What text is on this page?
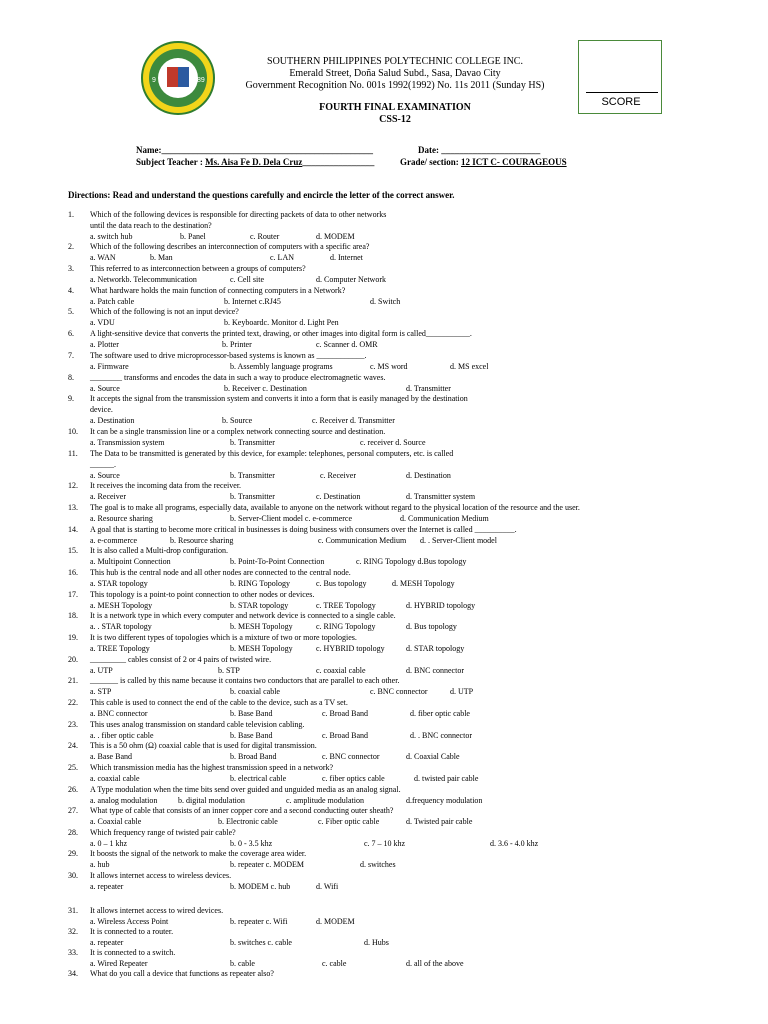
9	89
SOUTHERN PHILIPPINES POLYTECHNIC COLLEGE INC.
Emerald Street, Doña Salud Subd., Sasa, Davao City
Government Recognition No. 001s 1992(1992) No. 11s 2011 (Sunday HS)
FOURTH FINAL EXAMINATION
CSS-12
SCORE
Name:_______________________________________________	Date: ______________________
Subject Teacher : Ms. Aisa Fe D. Dela Cruz________________	Grade/ section: 12 ICT C- COURAGEOUS
Directions: Read and understand the questions carefully and encircle the letter of the correct answer.
1. Which of the following devices is responsible for directing packets of data to other networks
until the data reach to the destination?
a. switch hub	b. Panel	c. Router	d. MODEM
2. Which of the following describes an interconnection of computers with a specific area?
a. WAN	b. Man	c. LAN	d. Internet
3. This referred to as interconnection between a groups of computers?
a. Networkb. Telecommunication	c. Cell site	d. Computer Network
4. What hardware holds the main function of connecting computers in a Network?
a. Patch cable	b. Internet c.RJ45	d. Switch
5. Which of the following is not an input device?
a. VDU	b. Keyboardc. Monitor d. Light Pen
6. A light-sensitive device that converts the printed text, drawing, or other images into digital form is called___________.
a. Plotter	b. Printer	c. Scanner d. OMR
7. The software used to drive microprocessor-based systems is known as ____________.
a. Firmware	b. Assembly language programs	c. MS word	d. MS excel
8. ________ transforms and encodes the data in such a way to produce electromagnetic waves.
a. Source	b. Receiver c. Destination	d. Transmitter
9. It accepts the signal from the transmission system and converts it into a form that is easily managed by the destination
device.
a. Destination	b. Source	c. Receiver d. Transmitter
10. It can be a single transmission line or a complex network connecting source and destination.
a. Transmission system	b. Transmitter	c. receiver d. Source
11. The Data to be transmitted is generated by this device, for example: telephones, personal computers, etc. is called
______.
a. Source	b. Transmitter	c. Receiver	d. Destination
12. It receives the incoming data from the receiver.
a. Receiver	b. Transmitter	c. Destination	d. Transmitter system
13. The goal is to make all programs, especially data, available to anyone on the network without regard to the physical location of the resource and the user.
a. Resource sharing	b. Server-Client model c. e-commerce	d. Communication Medium
14. A goal that is starting to become more critical in businesses is doing business with consumers over the Internet is called __________.
a. e-commerce	b. Resource sharing	c. Communication Medium d. . Server-Client model
15. It is also called a Multi-drop configuration.
a. Multipoint Connection	b. Point-To-Point Connection	c. RING Topology d.Bus topology
16. This hub is the central node and all other nodes are connected to the central node.
a. STAR topology	b. RING Topology	c. Bus topology	d. MESH Topology
17. This topology is a point-to point connection to other nodes or devices.
a. MESH Topology	b. STAR topology	c. TREE Topology	d. HYBRID topology
18. It is a network type in which every computer and network device is connected to a single cable.
a. . STAR topology	b. MESH Topology	c. RING Topology	d. Bus topology
19. It is two different types of topologies which is a mixture of two or more topologies.
a. TREE Topology	b. MESH Topology	c. HYBRID topology	d. STAR topology
20. _________ cables consist of 2 or 4 pairs of twisted wire.
a. UTP	b. STP	c. coaxial cable	d. BNC connector
21. _______ is called by this name because it contains two conductors that are parallel to each other.
a. STP	b. coaxial cable	c. BNC connector	d. UTP
22. This cable is used to connect the end of the cable to the device, such as a TV set.
a. BNC connector	b. Base Band	c. Broad Band	d. fiber optic cable
23. This uses analog transmission on standard cable television cabling.
a. . fiber optic cable	b. Base Band	c. Broad Band	d. . BNC connector
24. This is a 50 ohm (Ω) coaxial cable that is used for digital transmission.
a. Base Band	b. Broad Band	c. BNC connector	d. Coaxial Cable
25. Which transmission media has the highest transmission speed in a network?
a. coaxial cable	b. electrical cable	c. fiber optics cable	d. twisted pair cable
26. A Type modulation when the time bits send over guided and unguided media as an analog signal.
a. analog modulation	b. digital modulation	c. amplitude modulation	d.frequency modulation
27. What type of cable that consists of an inner copper core and a second conducting outer sheath?
a. Coaxial cable	b. Electronic cable	c. Fiber optic cable	d. Twisted pair cable
28. Which frequency range of twisted pair cable?
a. 0 – 1 khz	b. 0 - 3.5 khz	c. 7 – 10 khz	d. 3.6 - 4.0 khz
29. It boosts the signal of the network to make the coverage area wider.
a. hub	b. repeater c. MODEM	d. switches
30. It allows internet access to wireless devices.
a. repeater	b. MODEM c. hub	d. Wifi
31. It allows internet access to wired devices.
a. Wireless Access Point	b. repeater c. Wifi	d. MODEM
32. It is connected to a router.
a. repeater	b. switches c. cable	d. Hubs
33. It is connected to a switch.
a. Wired Repeater	b. cable	c. cable	d. all of the above
34. What do you call a device that functions as repeater also?
